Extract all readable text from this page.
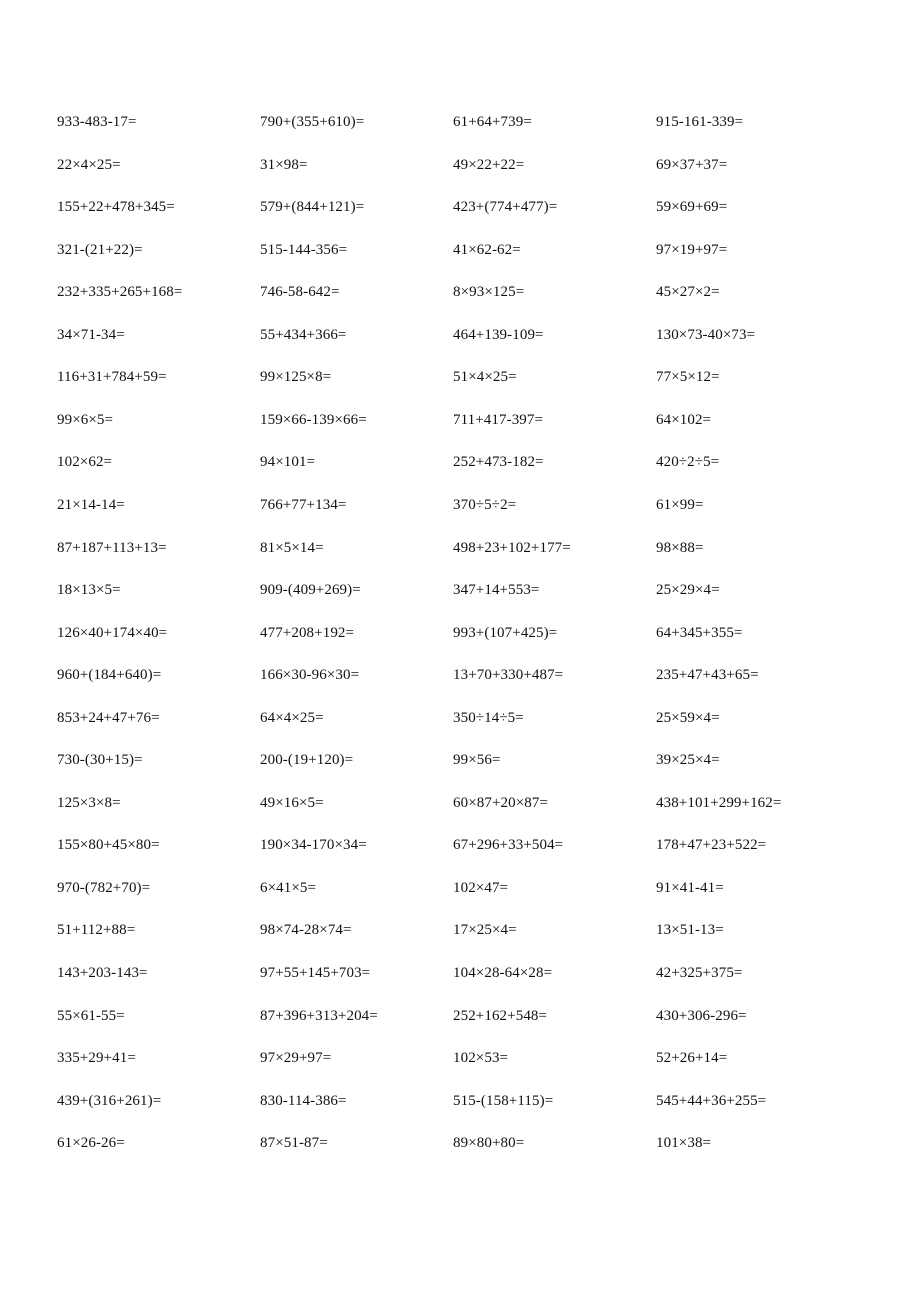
933-483-17=	790+(355+610)=	61+64+739=	915-161-339=
22×4×25=	31×98=	49×22+22=	69×37+37=
155+22+478+345=	579+(844+121)=	423+(774+477)=	59×69+69=
321-(21+22)=	515-144-356=	41×62-62=	97×19+97=
232+335+265+168=	746-58-642=	8×93×125=	45×27×2=
34×71-34=	55+434+366=	464+139-109=	130×73-40×73=
116+31+784+59=	99×125×8=	51×4×25=	77×5×12=
99×6×5=	159×66-139×66=	711+417-397=	64×102=
102×62=	94×101=	252+473-182=	420÷2÷5=
21×14-14=	766+77+134=	370÷5÷2=	61×99=
87+187+113+13=	81×5×14=	498+23+102+177=	98×88=
18×13×5=	909-(409+269)=	347+14+553=	25×29×4=
126×40+174×40=	477+208+192=	993+(107+425)=	64+345+355=
960+(184+640)=	166×30-96×30=	13+70+330+487=	235+47+43+65=
853+24+47+76=	64×4×25=	350÷14÷5=	25×59×4=
730-(30+15)=	200-(19+120)=	99×56=	39×25×4=
125×3×8=	49×16×5=	60×87+20×87=	438+101+299+162=
155×80+45×80=	190×34-170×34=	67+296+33+504=	178+47+23+522=
970-(782+70)=	6×41×5=	102×47=	91×41-41=
51+112+88=	98×74-28×74=	17×25×4=	13×51-13=
143+203-143=	97+55+145+703=	104×28-64×28=	42+325+375=
55×61-55=	87+396+313+204=	252+162+548=	430+306-296=
335+29+41=	97×29+97=	102×53=	52+26+14=
439+(316+261)=	830-114-386=	515-(158+115)=	545+44+36+255=
61×26-26=	87×51-87=	89×80+80=	101×38=
